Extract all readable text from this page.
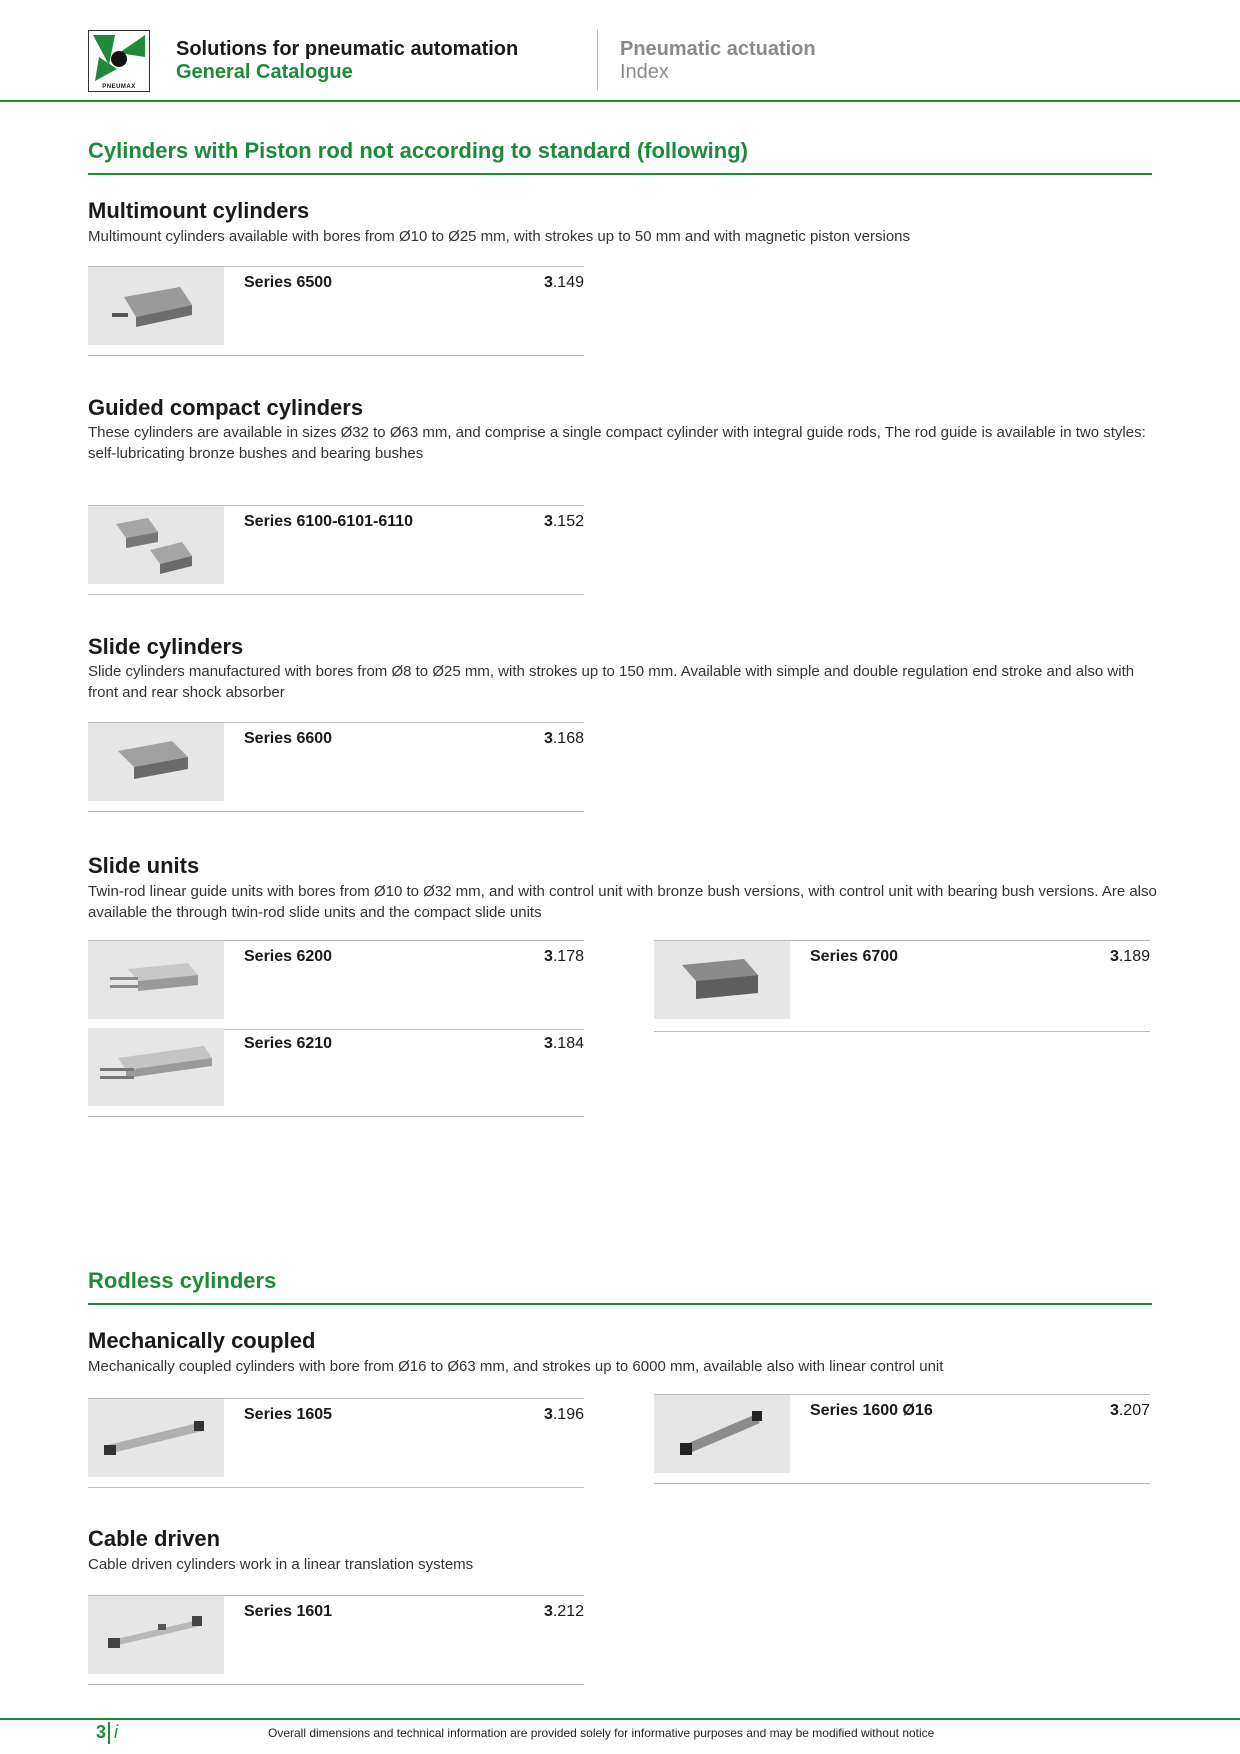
PNEUMAX
Solutions for pneumatic automation
General Catalogue
Pneumatic actuation
Index
Cylinders with Piston rod not according to standard (following)
Multimount cylinders
Multimount cylinders available with bores from Ø10 to Ø25 mm, with strokes up to 50 mm and with magnetic piston versions
Series 6500	3.149
Guided compact cylinders
These cylinders are available in sizes Ø32 to Ø63 mm, and comprise a single compact cylinder with integral guide rods, The rod guide is available in two styles: self-lubricating bronze bushes and bearing bushes
Series 6100-6101-6110	3.152
Slide cylinders
Slide cylinders manufactured with bores from Ø8 to Ø25 mm, with strokes up to 150 mm. Available with simple and double regulation end stroke and also with front and rear shock absorber
Series 6600	3.168
Slide units
Twin-rod linear guide units with bores from Ø10 to Ø32 mm, and with control unit with bronze bush versions, with control unit with bearing bush versions. Are also available the through twin-rod slide units and the compact slide units
Series 6200	3.178
Series 6210	3.184
Series 6700	3.189
Rodless cylinders
Mechanically coupled
Mechanically coupled cylinders with bore from Ø16 to Ø63 mm, and strokes up to 6000 mm, available also with linear control unit
Series 1605	3.196	Series 1600 Ø16	3.207
Cable driven
Cable driven cylinders work in a linear translation systems
Series 1601	3.212
3 i	Overall dimensions and technical information are provided solely for informative purposes and may be modified without notice
